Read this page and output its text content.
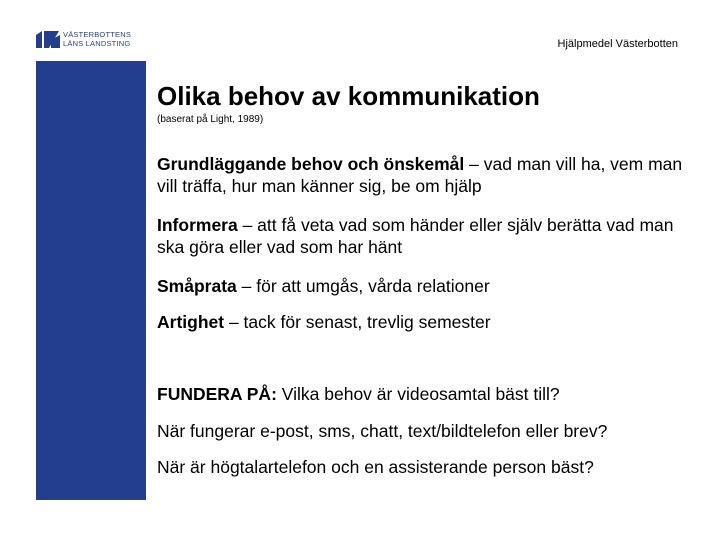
VÄSTERBOTTENS
LÄNS LANDSTING	Hjälpmedel Västerbotten
Olika behov av kommunikation

(baserat på Light, 1989)

Grundläggande behov och önskemål – vad man vill ha, vem man vill träffa, hur man känner sig, be om hjälp

Informera – att få veta vad som händer eller själv berätta vad man ska göra eller vad som har hänt

Småprata – för att umgås, vårda relationer

Artighet – tack för senast, trevlig semester

FUNDERA PÅ: Vilka behov är videosamtal bäst till?

När fungerar e-post, sms, chatt, text/bildtelefon eller brev?

När är högtalartelefon och en assisterande person bäst?
